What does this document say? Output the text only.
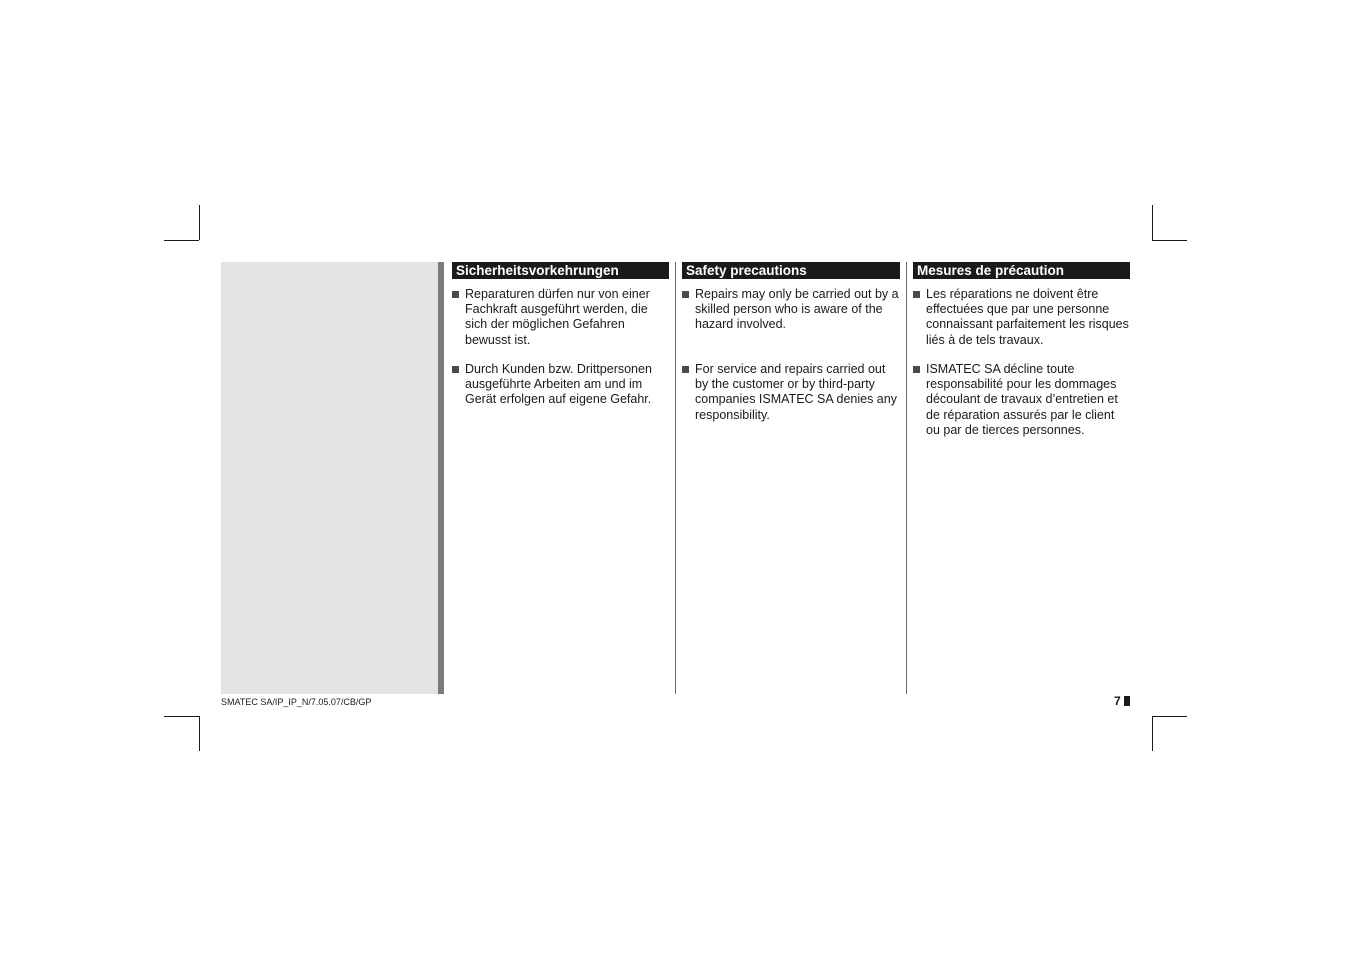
Sicherheitsvorkehrungen
Reparaturen dürfen nur von einer Fachkraft ausgeführt werden, die sich der möglichen Gefahren bewusst ist.
Durch Kunden bzw. Drittpersonen ausgeführte Arbeiten am und im Gerät erfolgen auf eigene Gefahr.
Safety precautions
Repairs may only be carried out by a skilled person who is aware of the hazard involved.
For service and repairs carried out by the customer or by third-party companies ISMATEC SA denies any responsibility.
Mesures de précaution
Les réparations ne doivent être effectuées que par une personne connaissant parfaitement les risques liés à de tels travaux.
ISMATEC SA décline toute responsabilité pour les dommages découlant de travaux d’entretien et de réparation assurés par le client ou par de tierces personnes.
SMATEC SA/IP_IP_N/7.05.07/CB/GP	7
